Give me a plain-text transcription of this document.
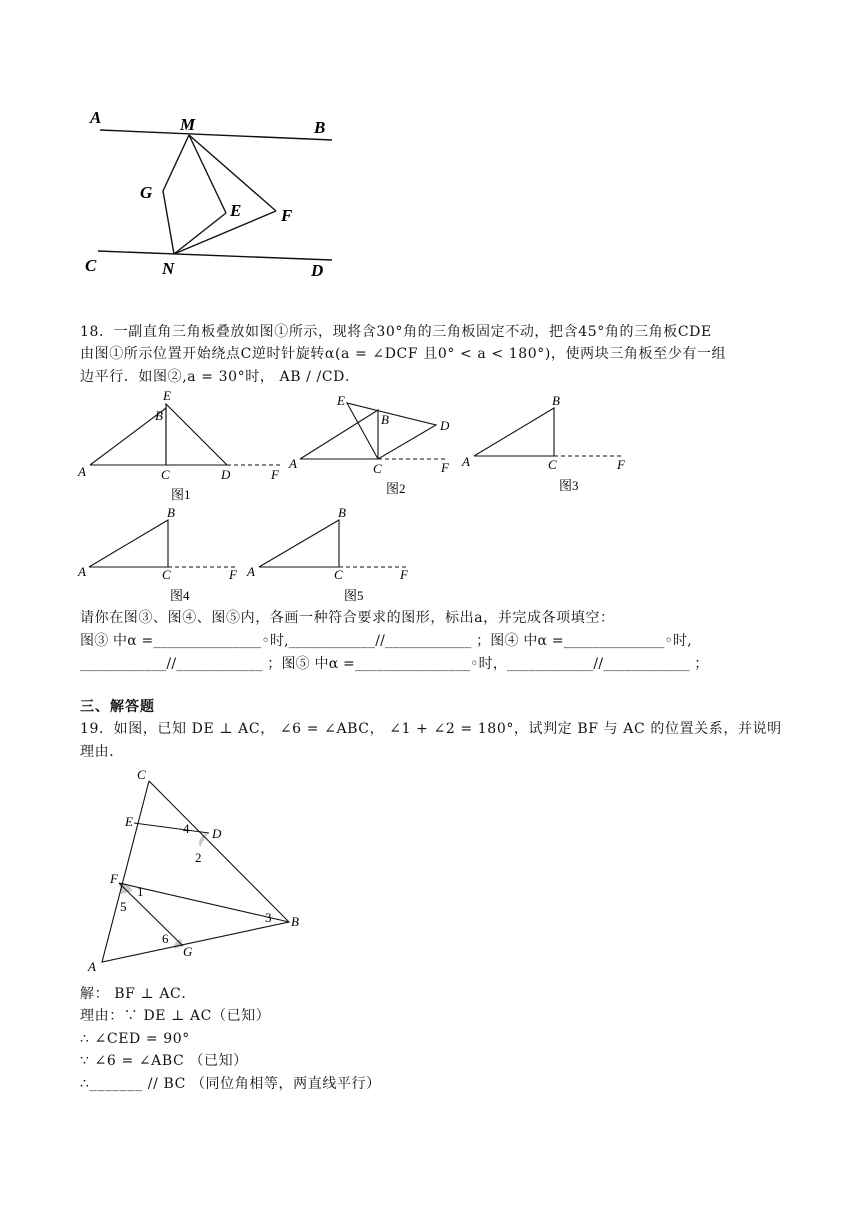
A	M	B
G
E F
C	N	D
18．一副直角三角板叠放如图①所示，现将含30°角的三角板固定不动，把含45°角的三角板CDE
由图①所示位置开始绕点C逆时针旋转α(a = ∠DCF 且0° < a < 180°)，使两块三角板至少有一组
边平行．如图②,a = 30°时， AB / /CD．
A
B
E
C	D	F
图1
E
B	D
A	C	F
图2
B
A	C	F
图3
B
A	C	F
图4
B
A	C	F
图5
请你在图③、图④、图⑤内，各画一种符合要求的图形，标出a，并完成各项填空：
图③ 中α =_______________◦时,____________//____________ ；图④ 中α =______________◦时,
____________//____________ ；图⑤ 中α =________________◦时，____________//____________ ；
三、解答题
19．如图，已知 DE ⊥ AC， ∠6 = ∠ABC， ∠1 + ∠2 = 180°，试判定 BF 与 AC 的位置关系，并说明
理由．
C
E
D
4
2
F
1
5
3 B
6
G
A
解： BF ⊥ AC．
理由：∵ DE ⊥ AC（已知）
∴ ∠CED = 90°
∵ ∠6 = ∠ABC （已知）
∴_______ // BC （同位角相等，两直线平行）
